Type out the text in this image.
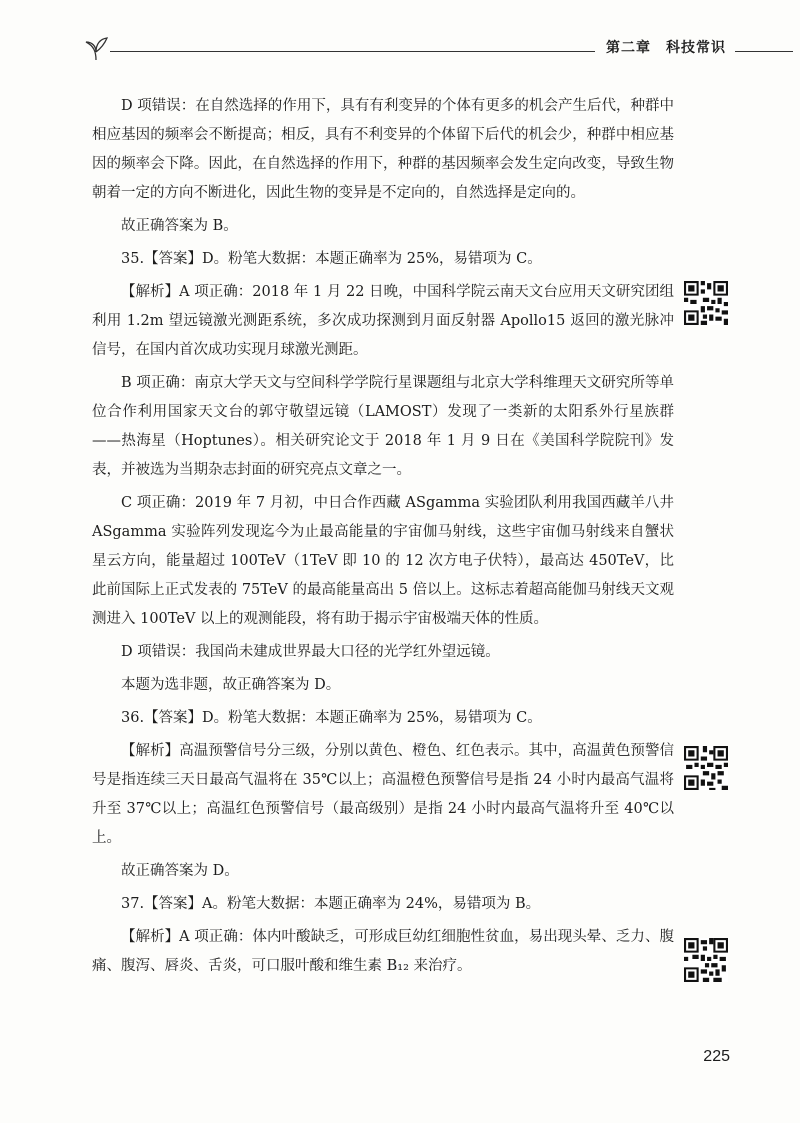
第二章　科技常识

D 项错误：在自然选择的作用下，具有有利变异的个体有更多的机会产生后代，种群中相应基因的频率会不断提高；相反，具有不利变异的个体留下后代的机会少，种群中相应基因的频率会下降。因此，在自然选择的作用下，种群的基因频率会发生定向改变，导致生物朝着一定的方向不断进化，因此生物的变异是不定向的，自然选择是定向的。

故正确答案为 B。

35.【答案】D。粉笔大数据：本题正确率为 25%，易错项为 C。

【解析】A 项正确：2018 年 1 月 22 日晚，中国科学院云南天文台应用天文研究团组利用 1.2m 望远镜激光测距系统，多次成功探测到月面反射器 Apollo15 返回的激光脉冲信号，在国内首次成功实现月球激光测距。

B 项正确：南京大学天文与空间科学学院行星课题组与北京大学科维理天文研究所等单位合作利用国家天文台的郭守敬望远镜（LAMOST）发现了一类新的太阳系外行星族群——热海星（Hoptunes）。相关研究论文于 2018 年 1 月 9 日在《美国科学院院刊》发表，并被选为当期杂志封面的研究亮点文章之一。

C 项正确：2019 年 7 月初，中日合作西藏 ASgamma 实验团队利用我国西藏羊八井 ASgamma 实验阵列发现迄今为止最高能量的宇宙伽马射线，这些宇宙伽马射线来自蟹状星云方向，能量超过 100TeV（1TeV 即 10 的 12 次方电子伏特），最高达 450TeV，比此前国际上正式发表的 75TeV 的最高能量高出 5 倍以上。这标志着超高能伽马射线天文观测进入 100TeV 以上的观测能段，将有助于揭示宇宙极端天体的性质。

D 项错误：我国尚未建成世界最大口径的光学红外望远镜。

本题为选非题，故正确答案为 D。

36.【答案】D。粉笔大数据：本题正确率为 25%，易错项为 C。

【解析】高温预警信号分三级，分别以黄色、橙色、红色表示。其中，高温黄色预警信号是指连续三天日最高气温将在 35℃以上；高温橙色预警信号是指 24 小时内最高气温将升至 37℃以上；高温红色预警信号（最高级别）是指 24 小时内最高气温将升至 40℃以上。

故正确答案为 D。

37.【答案】A。粉笔大数据：本题正确率为 24%，易错项为 B。

【解析】A 项正确：体内叶酸缺乏，可形成巨幼红细胞性贫血，易出现头晕、乏力、腹痛、腹泻、唇炎、舌炎，可口服叶酸和维生素 B₁₂ 来治疗。

225
